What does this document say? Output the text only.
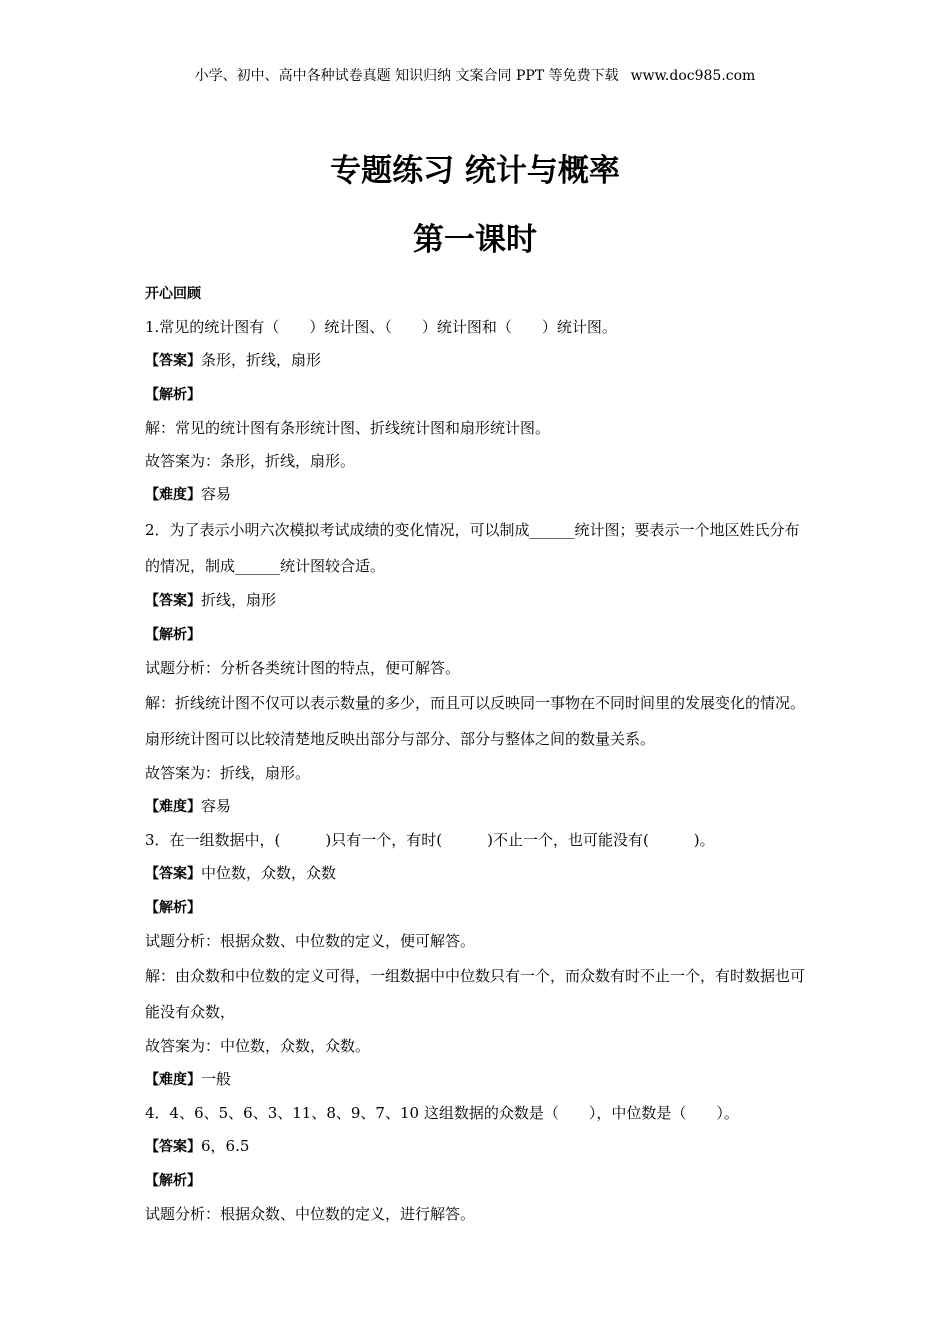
小学、初中、高中各种试卷真题 知识归纳 文案合同 PPT 等免费下载 www.doc985.com
专题练习 统计与概率
第一课时
开心回顾
1.常见的统计图有（　　）统计图、（　　）统计图和（　　）统计图。
【答案】条形，折线，扇形
【解析】
解：常见的统计图有条形统计图、折线统计图和扇形统计图。
故答案为：条形，折线，扇形。
【难度】容易
2．为了表示小明六次模拟考试成绩的变化情况，可以制成______统计图；要表示一个地区姓氏分布的情况，制成______统计图较合适。
【答案】折线，扇形
【解析】
试题分析：分析各类统计图的特点，便可解答。
解：折线统计图不仅可以表示数量的多少，而且可以反映同一事物在不同时间里的发展变化的情况。扇形统计图可以比较清楚地反映出部分与部分、部分与整体之间的数量关系。
故答案为：折线，扇形。
【难度】容易
3．在一组数据中，(　　　)只有一个，有时(　　　)不止一个，也可能没有(　　　)。
【答案】中位数，众数，众数
【解析】
试题分析：根据众数、中位数的定义，便可解答。
解：由众数和中位数的定义可得，一组数据中中位数只有一个，而众数有时不止一个，有时数据也可能没有众数，
故答案为：中位数，众数，众数。
【难度】一般
4．4、6、5、6、3、11、8、9、7、10 这组数据的众数是（　　），中位数是（　　）。
【答案】6，6.5
【解析】
试题分析：根据众数、中位数的定义，进行解答。
